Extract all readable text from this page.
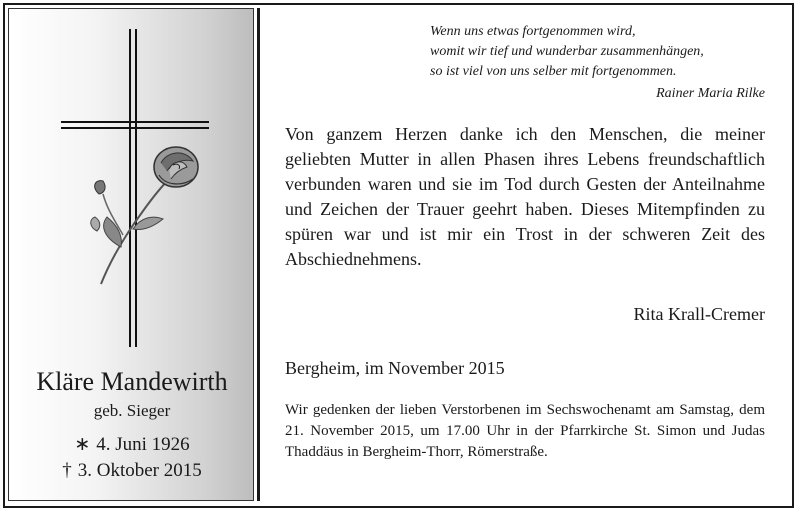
Kläre Mandewirth
geb. Sieger
∗ 4. Juni 1926
† 3. Oktober 2015
Wenn uns etwas fortgenommen wird,
womit wir tief und wunderbar zusammenhängen,
so ist viel von uns selber mit fortgenommen.
Rainer Maria Rilke
Von ganzem Herzen danke ich den Menschen, die meiner geliebten Mutter in allen Phasen ihres Lebens freundschaftlich verbunden waren und sie im Tod durch Gesten der Anteilnahme und Zeichen der Trauer geehrt haben. Dieses Mitempfinden zu spüren war und ist mir ein Trost in der schweren Zeit des Abschiednehmens.
Rita Krall-Cremer
Bergheim, im November 2015
Wir gedenken der lieben Verstorbenen im Sechswochenamt am Samstag, dem 21. November 2015, um 17.00 Uhr in der Pfarrkirche St. Simon und Judas Thaddäus in Bergheim-Thorr, Römerstraße.
